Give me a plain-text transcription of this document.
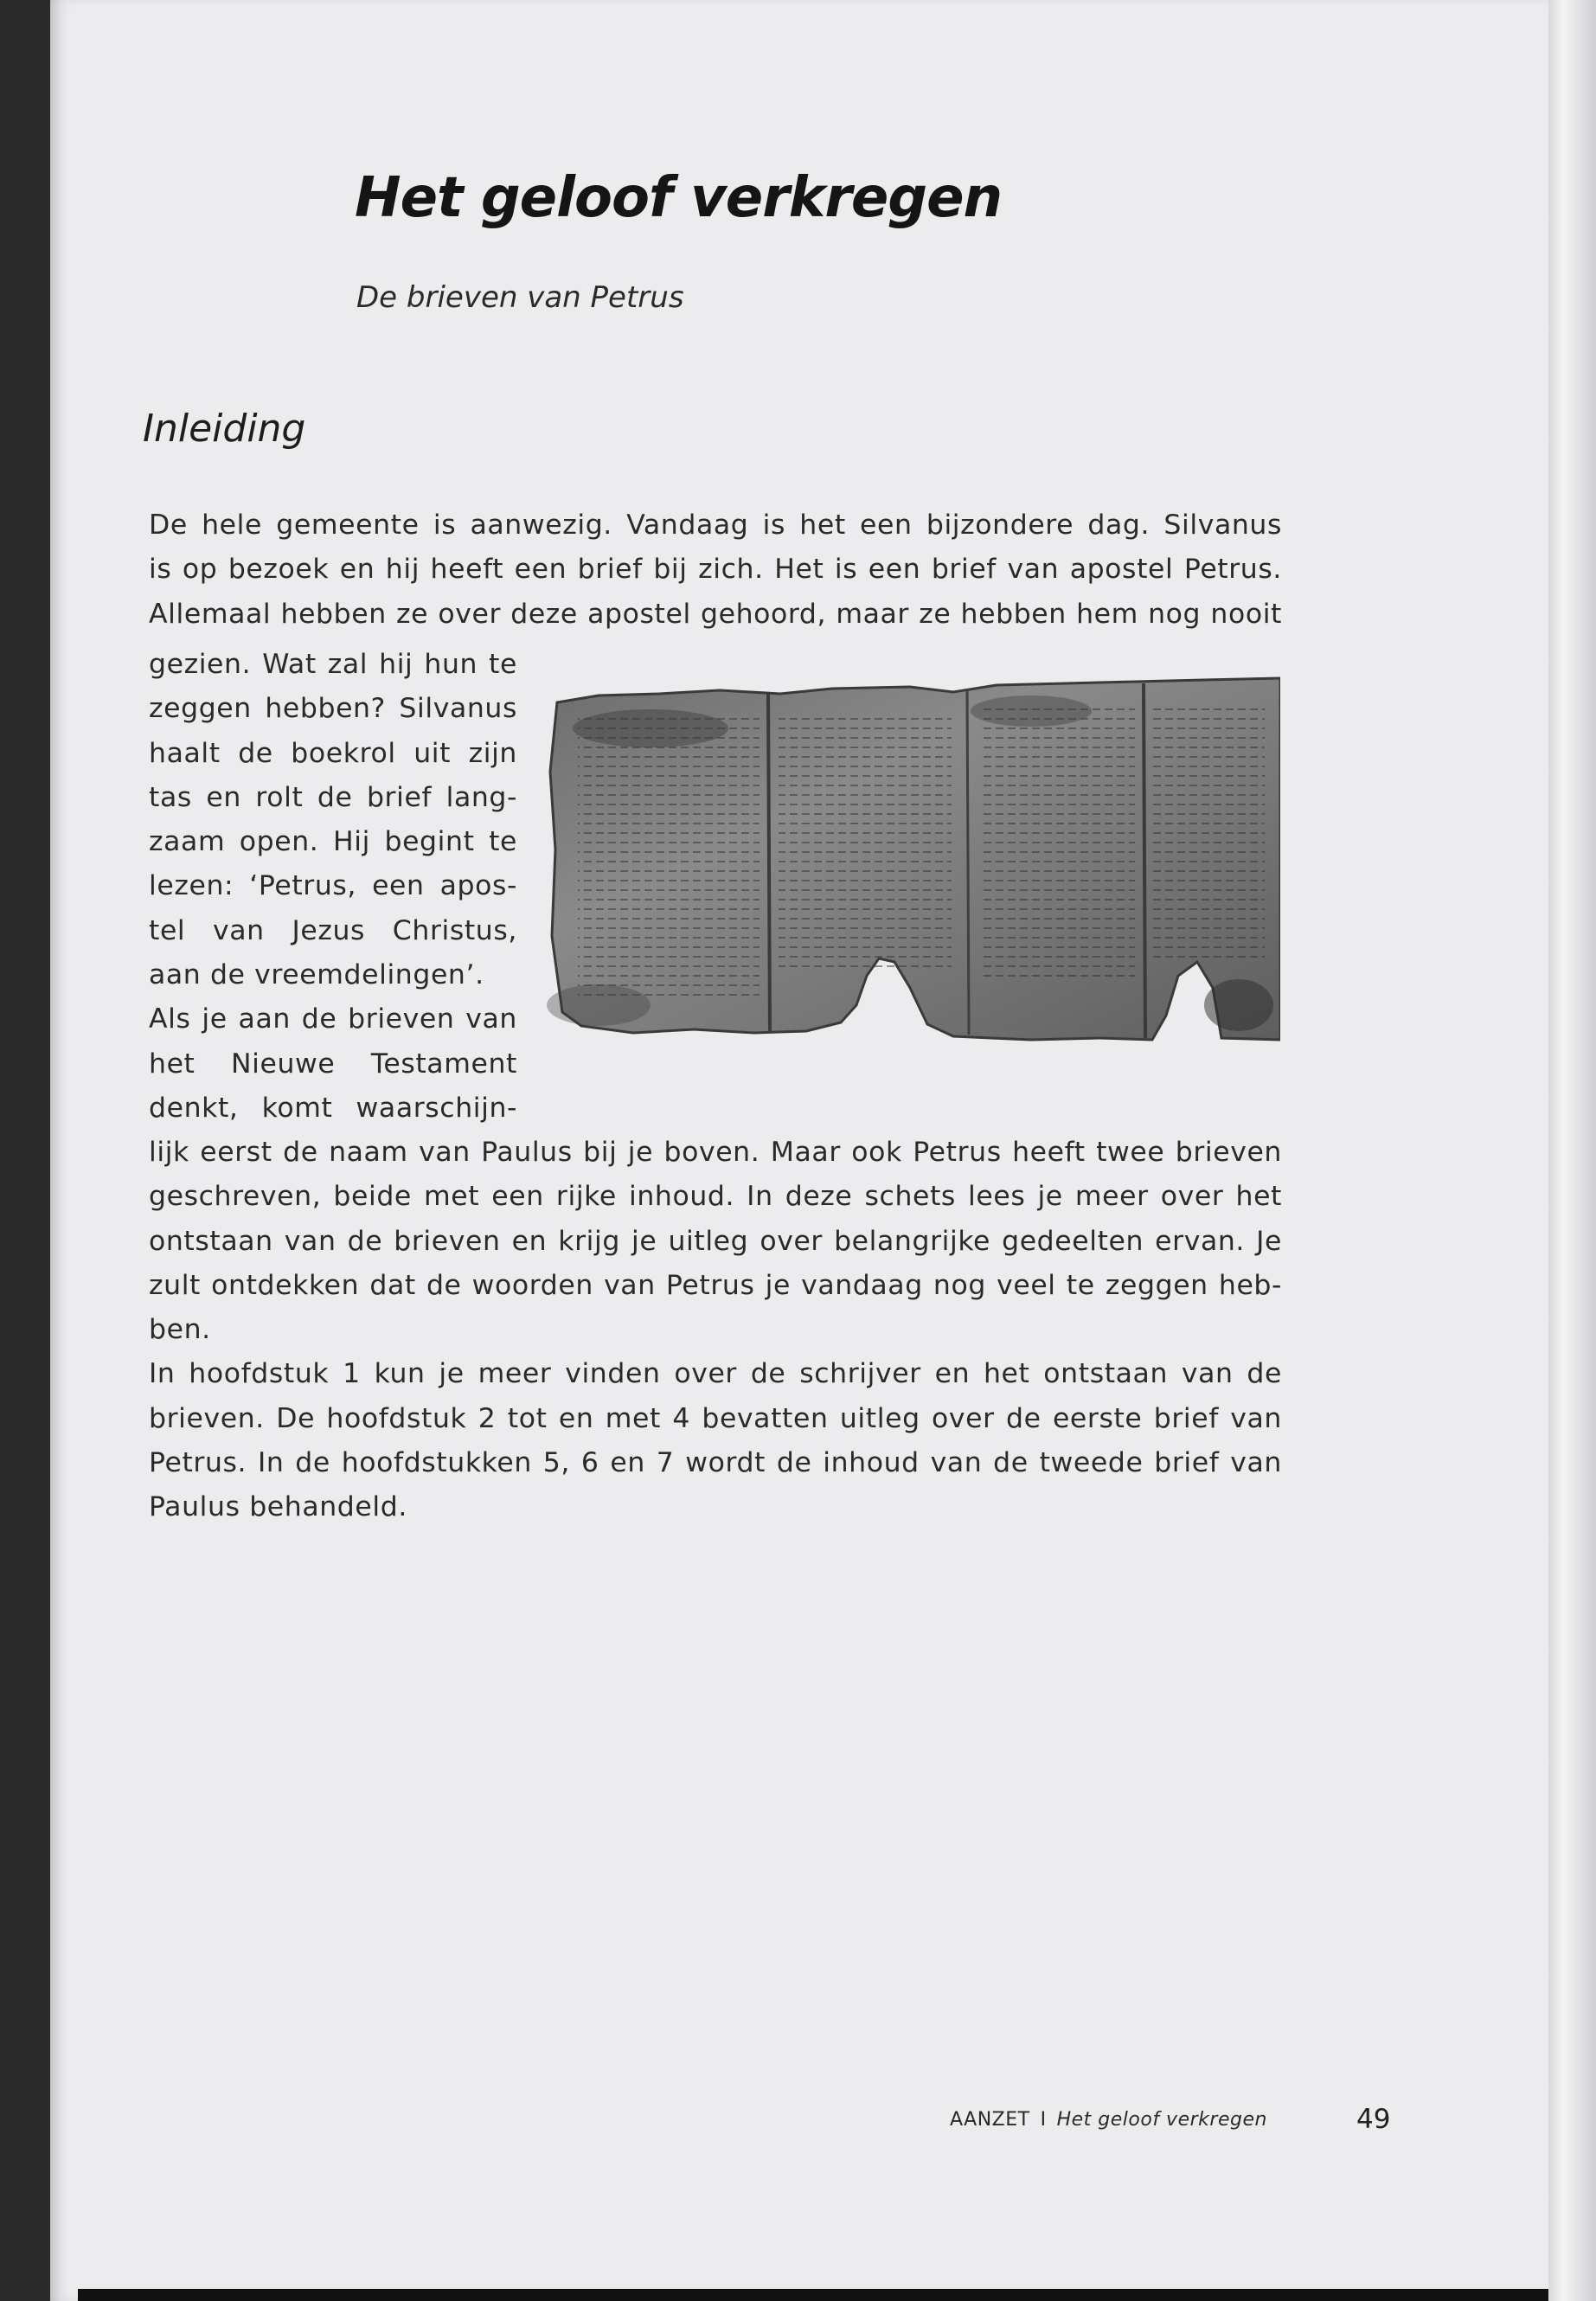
Het geloof verkregen
De brieven van Petrus
Inleiding
De hele gemeente is aanwezig. Vandaag is het een bijzondere dag. Silvanus
is op bezoek en hij heeft een brief bij zich. Het is een brief van apostel Petrus.
Allemaal hebben ze over deze apostel gehoord, maar ze hebben hem nog nooit
gezien. Wat zal hij hun te
zeggen hebben? Silvanus
haalt de boekrol uit zijn
tas en rolt de brief lang-
zaam open. Hij begint te
lezen: ‘Petrus, een apos-
tel van Jezus Christus,
aan de vreemdelingen’.
Als je aan de brieven van
het Nieuwe Testament
denkt, komt waarschijn-
lijk eerst de naam van Paulus bij je boven. Maar ook Petrus heeft twee brieven
geschreven, beide met een rijke inhoud. In deze schets lees je meer over het
ontstaan van de brieven en krijg je uitleg over belangrijke gedeelten ervan. Je
zult ontdekken dat de woorden van Petrus je vandaag nog veel te zeggen heb-
ben.
In hoofdstuk 1 kun je meer vinden over de schrijver en het ontstaan van de
brieven. De hoofdstuk 2 tot en met 4 bevatten uitleg over de eerste brief van
Petrus. In de hoofdstukken 5, 6 en 7 wordt de inhoud van de tweede brief van
Paulus behandeld.
AANZET I Het geloof verkregen	49
